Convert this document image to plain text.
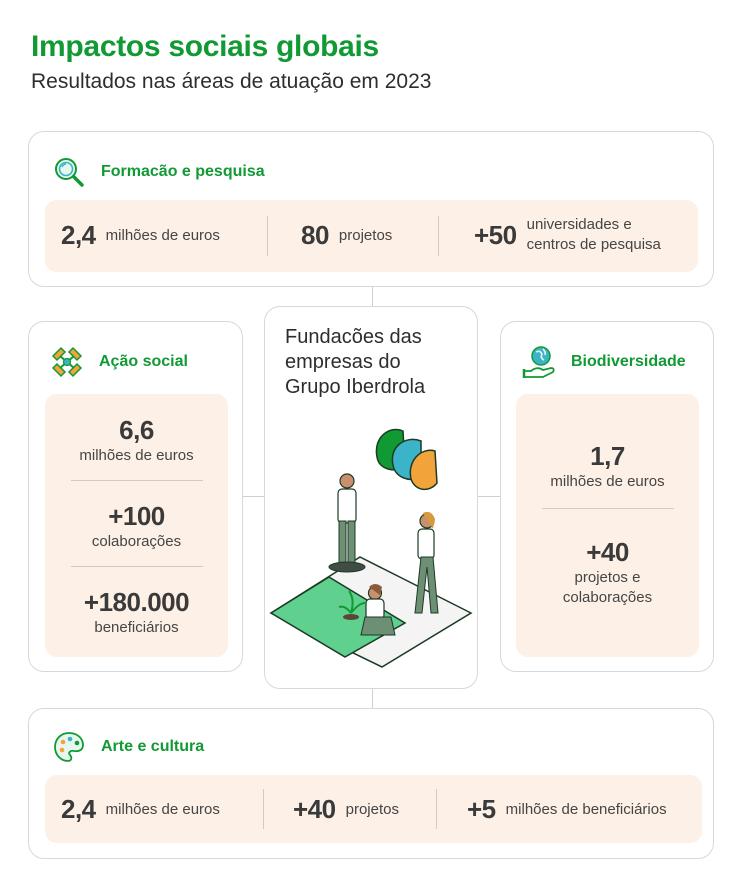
Impactos sociais globais
Resultados nas áreas de atuação em 2023
Formacão e pesquisa
2,4 milhões de euros	80 projetos	+50 universidades e
centros de pesquisa
Ação social
6,6
milhões de euros
+100
colaborações
+180.000
beneficiários
Fundacões das
empresas do
Grupo Iberdrola
Biodiversidade
1,7
milhões de euros
+40
projetos e
colaborações
Arte e cultura
2,4 milhões de euros	+40 projetos	+5 milhões de beneficiários
